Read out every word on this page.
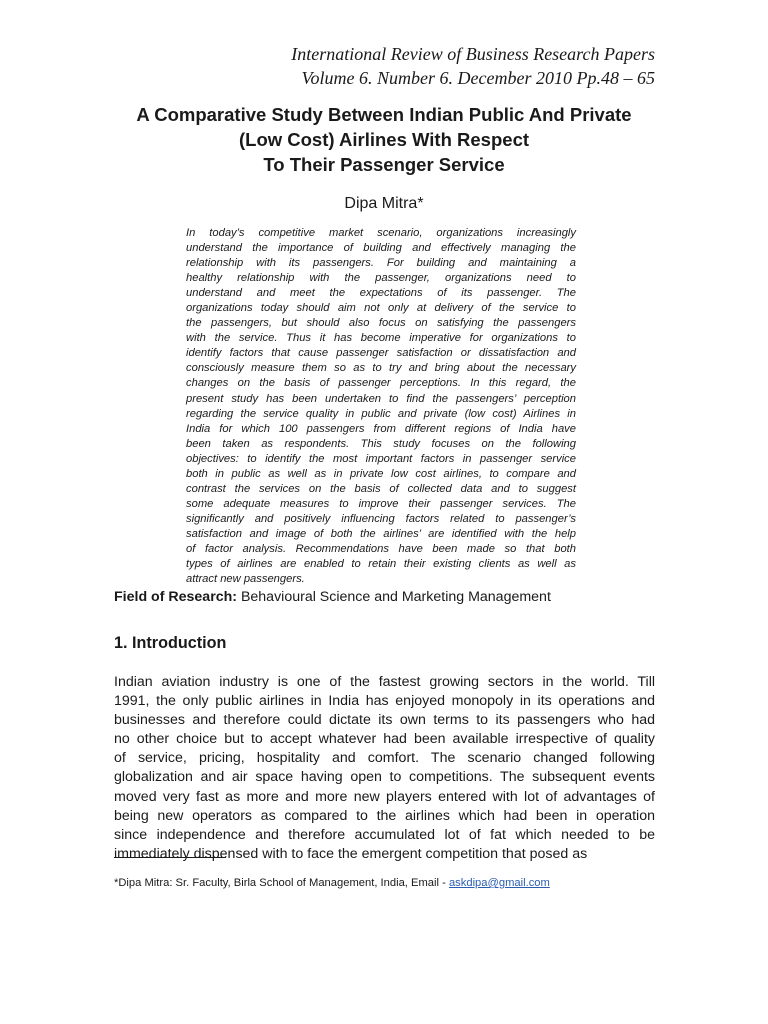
International Review of Business Research Papers
Volume 6. Number 6. December 2010 Pp.48 – 65
A Comparative Study Between Indian Public And Private
(Low Cost) Airlines With Respect
To Their Passenger Service
Dipa Mitra*
In today’s competitive market scenario, organizations increasingly
understand the importance of building and effectively managing the
relationship with its passengers. For building and maintaining a
healthy relationship with the passenger, organizations need to
understand and meet the expectations of its passenger. The
organizations today should aim not only at delivery of the service to
the passengers, but should also focus on satisfying the passengers
with the service. Thus it has become imperative for organizations to
identify factors that cause passenger satisfaction or dissatisfaction and
consciously measure them so as to try and bring about the necessary
changes on the basis of passenger perceptions. In this regard, the
present study has been undertaken to find the passengers’ perception
regarding the service quality in public and private (low cost) Airlines in
India for which 100 passengers from different regions of India have
been taken as respondents. This study focuses on the following
objectives: to identify the most important factors in passenger service
both in public as well as in private low cost airlines, to compare and
contrast the services on the basis of collected data and to suggest
some adequate measures to improve their passenger services. The
significantly and positively influencing factors related to passenger’s
satisfaction and image of both the airlines’ are identified with the help
of factor analysis. Recommendations have been made so that both
types of airlines are enabled to retain their existing clients as well as
attract new passengers.
Field of Research: Behavioural Science and Marketing Management
1. Introduction
Indian aviation industry is one of the fastest growing sectors in the world. Till
1991, the only public airlines in India has enjoyed monopoly in its operations and
businesses and therefore could dictate its own terms to its passengers who had
no other choice but to accept whatever had been available irrespective of quality
of service, pricing, hospitality and comfort. The scenario changed following
globalization and air space having open to competitions. The subsequent events
moved very fast as more and more new players entered with lot of advantages of
being new operators as compared to the airlines which had been in operation
since independence and therefore accumulated lot of fat which needed to be
immediately dispensed with to face the emergent competition that posed as
*Dipa Mitra: Sr. Faculty, Birla School of Management, India, Email - askdipa@gmail.com
